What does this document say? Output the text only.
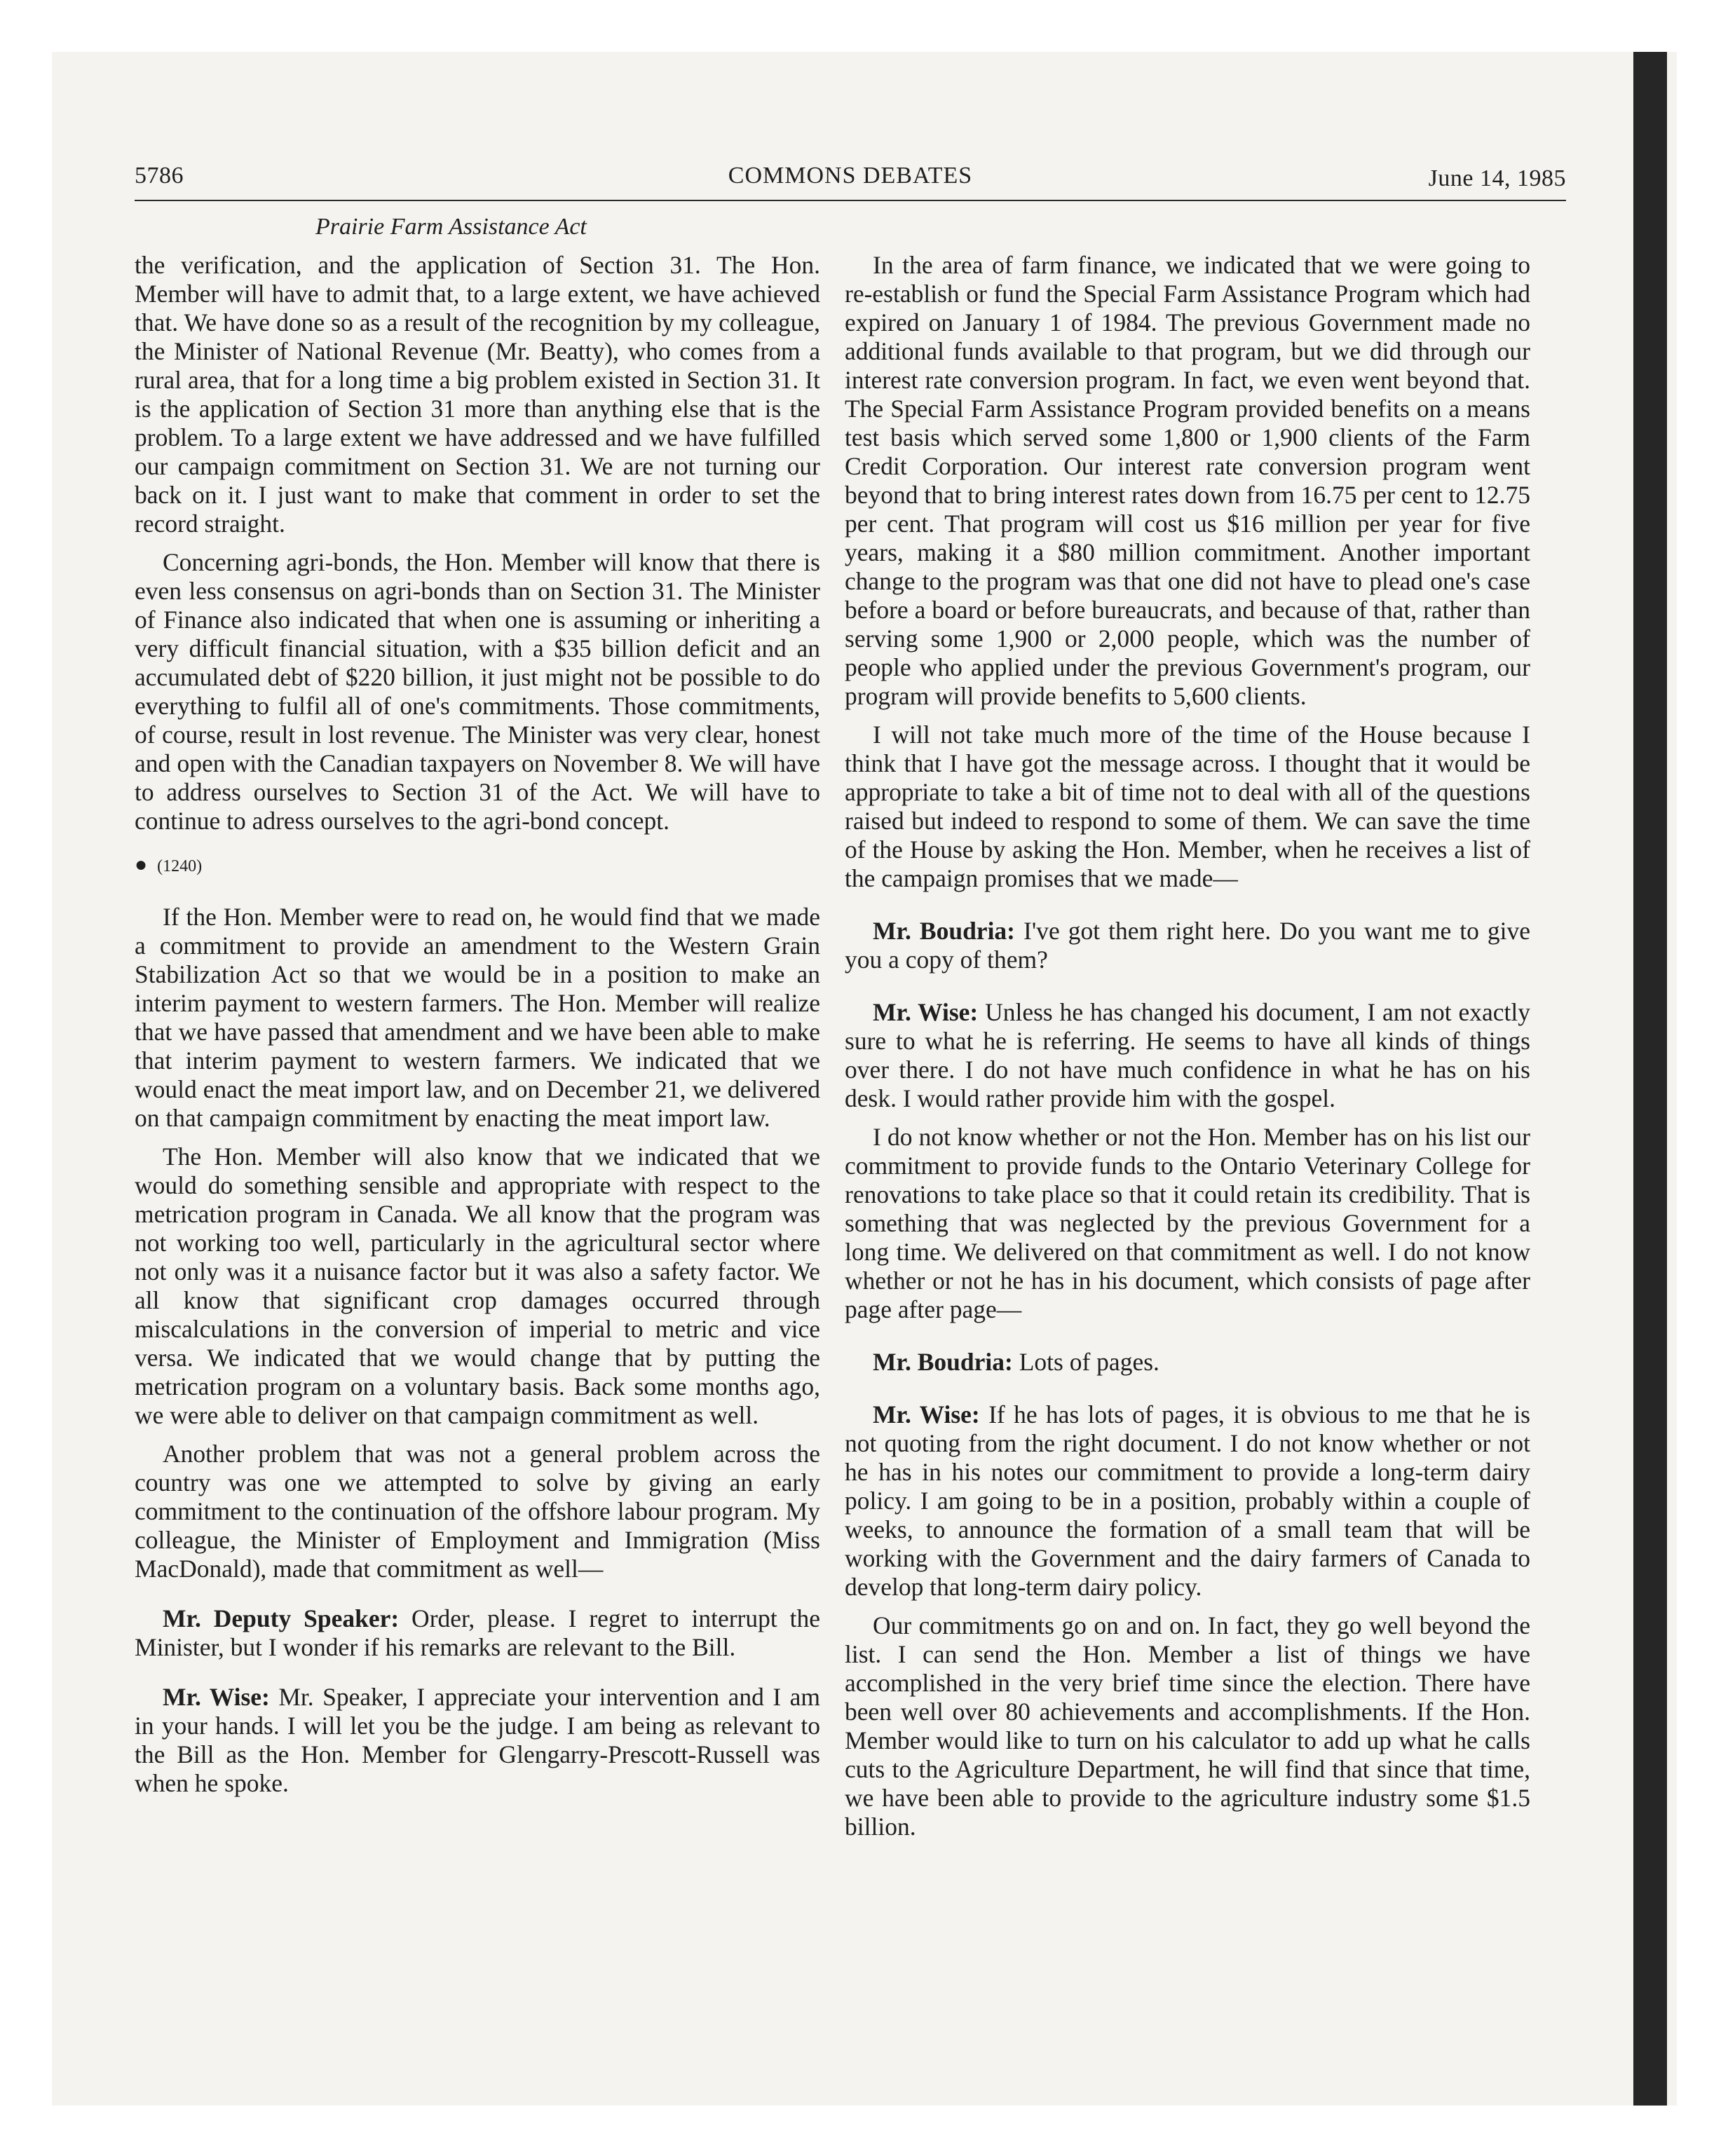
5786	COMMONS DEBATES	June 14, 1985
Prairie Farm Assistance Act

the verification, and the application of Section 31. The Hon. Member will have to admit that, to a large extent, we have achieved that. We have done so as a result of the recognition by my colleague, the Minister of National Revenue (Mr. Beatty), who comes from a rural area, that for a long time a big problem existed in Section 31. It is the application of Section 31 more than anything else that is the problem. To a large extent we have addressed and we have fulfilled our campaign commitment on Section 31. We are not turning our back on it. I just want to make that comment in order to set the record straight.

Concerning agri-bonds, the Hon. Member will know that there is even less consensus on agri-bonds than on Section 31. The Minister of Finance also indicated that when one is assuming or inheriting a very difficult financial situation, with a $35 billion deficit and an accumulated debt of $220 billion, it just might not be possible to do everything to fulfil all of one's commitments. Those commitments, of course, result in lost revenue. The Minister was very clear, honest and open with the Canadian taxpayers on November 8. We will have to address ourselves to Section 31 of the Act. We will have to continue to adress ourselves to the agri-bond concept.

● (1240)

If the Hon. Member were to read on, he would find that we made a commitment to provide an amendment to the Western Grain Stabilization Act so that we would be in a position to make an interim payment to western farmers. The Hon. Member will realize that we have passed that amendment and we have been able to make that interim payment to western farmers. We indicated that we would enact the meat import law, and on December 21, we delivered on that campaign commitment by enacting the meat import law.

The Hon. Member will also know that we indicated that we would do something sensible and appropriate with respect to the metrication program in Canada. We all know that the program was not working too well, particularly in the agricultural sector where not only was it a nuisance factor but it was also a safety factor. We all know that significant crop damages occurred through miscalculations in the conversion of imperial to metric and vice versa. We indicated that we would change that by putting the metrication program on a voluntary basis. Back some months ago, we were able to deliver on that campaign commitment as well.

Another problem that was not a general problem across the country was one we attempted to solve by giving an early commitment to the continuation of the offshore labour program. My colleague, the Minister of Employment and Immigration (Miss MacDonald), made that commitment as well—

Mr. Deputy Speaker: Order, please. I regret to interrupt the Minister, but I wonder if his remarks are relevant to the Bill.

Mr. Wise: Mr. Speaker, I appreciate your intervention and I am in your hands. I will let you be the judge. I am being as relevant to the Bill as the Hon. Member for Glengarry-Prescott-Russell was when he spoke.

In the area of farm finance, we indicated that we were going to re-establish or fund the Special Farm Assistance Program which had expired on January 1 of 1984. The previous Government made no additional funds available to that program, but we did through our interest rate conversion program. In fact, we even went beyond that. The Special Farm Assistance Program provided benefits on a means test basis which served some 1,800 or 1,900 clients of the Farm Credit Corporation. Our interest rate conversion program went beyond that to bring interest rates down from 16.75 per cent to 12.75 per cent. That program will cost us $16 million per year for five years, making it a $80 million commitment. Another important change to the program was that one did not have to plead one's case before a board or before bureaucrats, and because of that, rather than serving some 1,900 or 2,000 people, which was the number of people who applied under the previous Government's program, our program will provide benefits to 5,600 clients.

I will not take much more of the time of the House because I think that I have got the message across. I thought that it would be appropriate to take a bit of time not to deal with all of the questions raised but indeed to respond to some of them. We can save the time of the House by asking the Hon. Member, when he receives a list of the campaign promises that we made—

Mr. Boudria: I've got them right here. Do you want me to give you a copy of them?

Mr. Wise: Unless he has changed his document, I am not exactly sure to what he is referring. He seems to have all kinds of things over there. I do not have much confidence in what he has on his desk. I would rather provide him with the gospel.

I do not know whether or not the Hon. Member has on his list our commitment to provide funds to the Ontario Veterinary College for renovations to take place so that it could retain its credibility. That is something that was neglected by the previous Government for a long time. We delivered on that commitment as well. I do not know whether or not he has in his document, which consists of page after page after page—

Mr. Boudria: Lots of pages.

Mr. Wise: If he has lots of pages, it is obvious to me that he is not quoting from the right document. I do not know whether or not he has in his notes our commitment to provide a long-term dairy policy. I am going to be in a position, probably within a couple of weeks, to announce the formation of a small team that will be working with the Government and the dairy farmers of Canada to develop that long-term dairy policy.

Our commitments go on and on. In fact, they go well beyond the list. I can send the Hon. Member a list of things we have accomplished in the very brief time since the election. There have been well over 80 achievements and accomplishments. If the Hon. Member would like to turn on his calculator to add up what he calls cuts to the Agriculture Department, he will find that since that time, we have been able to provide to the agriculture industry some $1.5 billion.
